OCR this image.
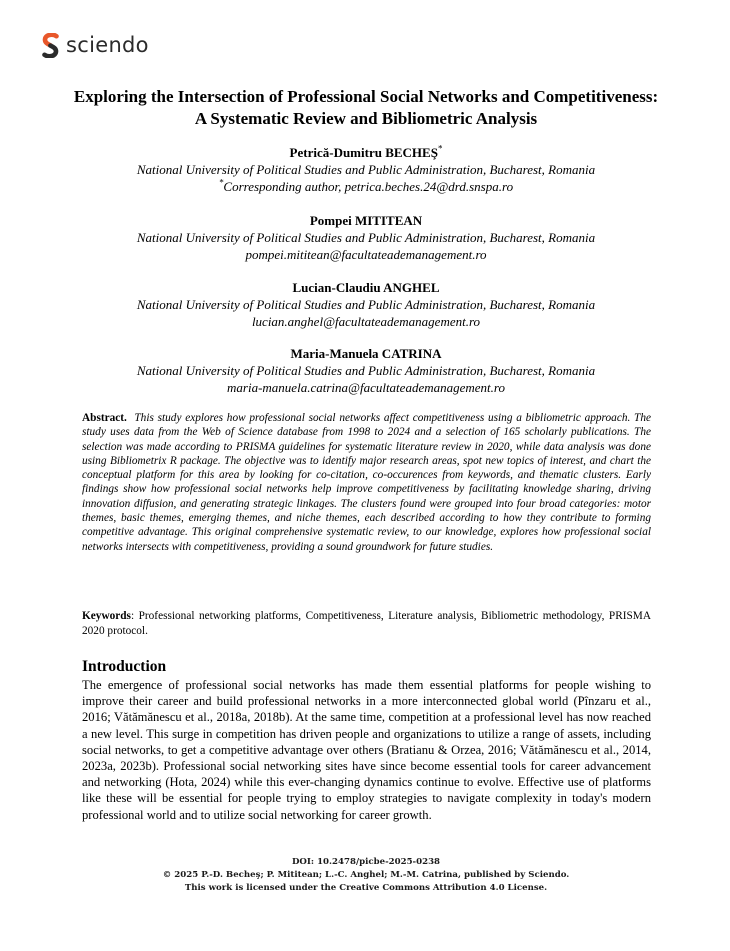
sciendo
Exploring the Intersection of Professional Social Networks and Competitiveness: A Systematic Review and Bibliometric Analysis
Petrică-Dumitru BECHEŞ*
National University of Political Studies and Public Administration, Bucharest, Romania
*Corresponding author, petrica.beches.24@drd.snspa.ro
Pompei MITITEAN
National University of Political Studies and Public Administration, Bucharest, Romania
pompei.mititean@facultateademanagement.ro
Lucian-Claudiu ANGHEL
National University of Political Studies and Public Administration, Bucharest, Romania
lucian.anghel@facultateademanagement.ro
Maria-Manuela CATRINA
National University of Political Studies and Public Administration, Bucharest, Romania
maria-manuela.catrina@facultateademanagement.ro

Abstract. This study explores how professional social networks affect competitiveness using a bibliometric approach. The study uses data from the Web of Science database from 1998 to 2024 and a selection of 165 scholarly publications. The selection was made according to PRISMA guidelines for systematic literature review in 2020, while data analysis was done using Bibliometrix R package. The objective was to identify major research areas, spot new topics of interest, and chart the conceptual platform for this area by looking for co-citation, co-occurences from keywords, and thematic clusters. Early findings show how professional social networks help improve competitiveness by facilitating knowledge sharing, driving innovation diffusion, and generating strategic linkages. The clusters found were grouped into four broad categories: motor themes, basic themes, emerging themes, and niche themes, each described according to how they contribute to forming competitive advantage. This original comprehensive systematic review, to our knowledge, explores how professional social networks intersects with competitiveness, providing a sound groundwork for future studies.

Keywords: Professional networking platforms, Competitiveness, Literature analysis, Bibliometric methodology, PRISMA 2020 protocol.

Introduction

The emergence of professional social networks has made them essential platforms for people wishing to improve their career and build professional networks in a more interconnected global world (Pînzaru et al., 2016; Vătămănescu et al., 2018a, 2018b). At the same time, competition at a professional level has now reached a new level. This surge in competition has driven people and organizations to utilize a range of assets, including social networks, to get a competitive advantage over others (Bratianu & Orzea, 2016; Vătămănescu et al., 2014, 2023a, 2023b). Professional social networking sites have since become essential tools for career advancement and networking (Hota, 2024) while this ever-changing dynamics continue to evolve. Effective use of platforms like these will be essential for people trying to employ strategies to navigate complexity in today's modern professional world and to utilize social networking for career growth.

DOI: 10.2478/picbe-2025-0238
© 2025 P.-D. Becheş; P. Mititean; L.-C. Anghel; M.-M. Catrina, published by Sciendo.
This work is licensed under the Creative Commons Attribution 4.0 License.
